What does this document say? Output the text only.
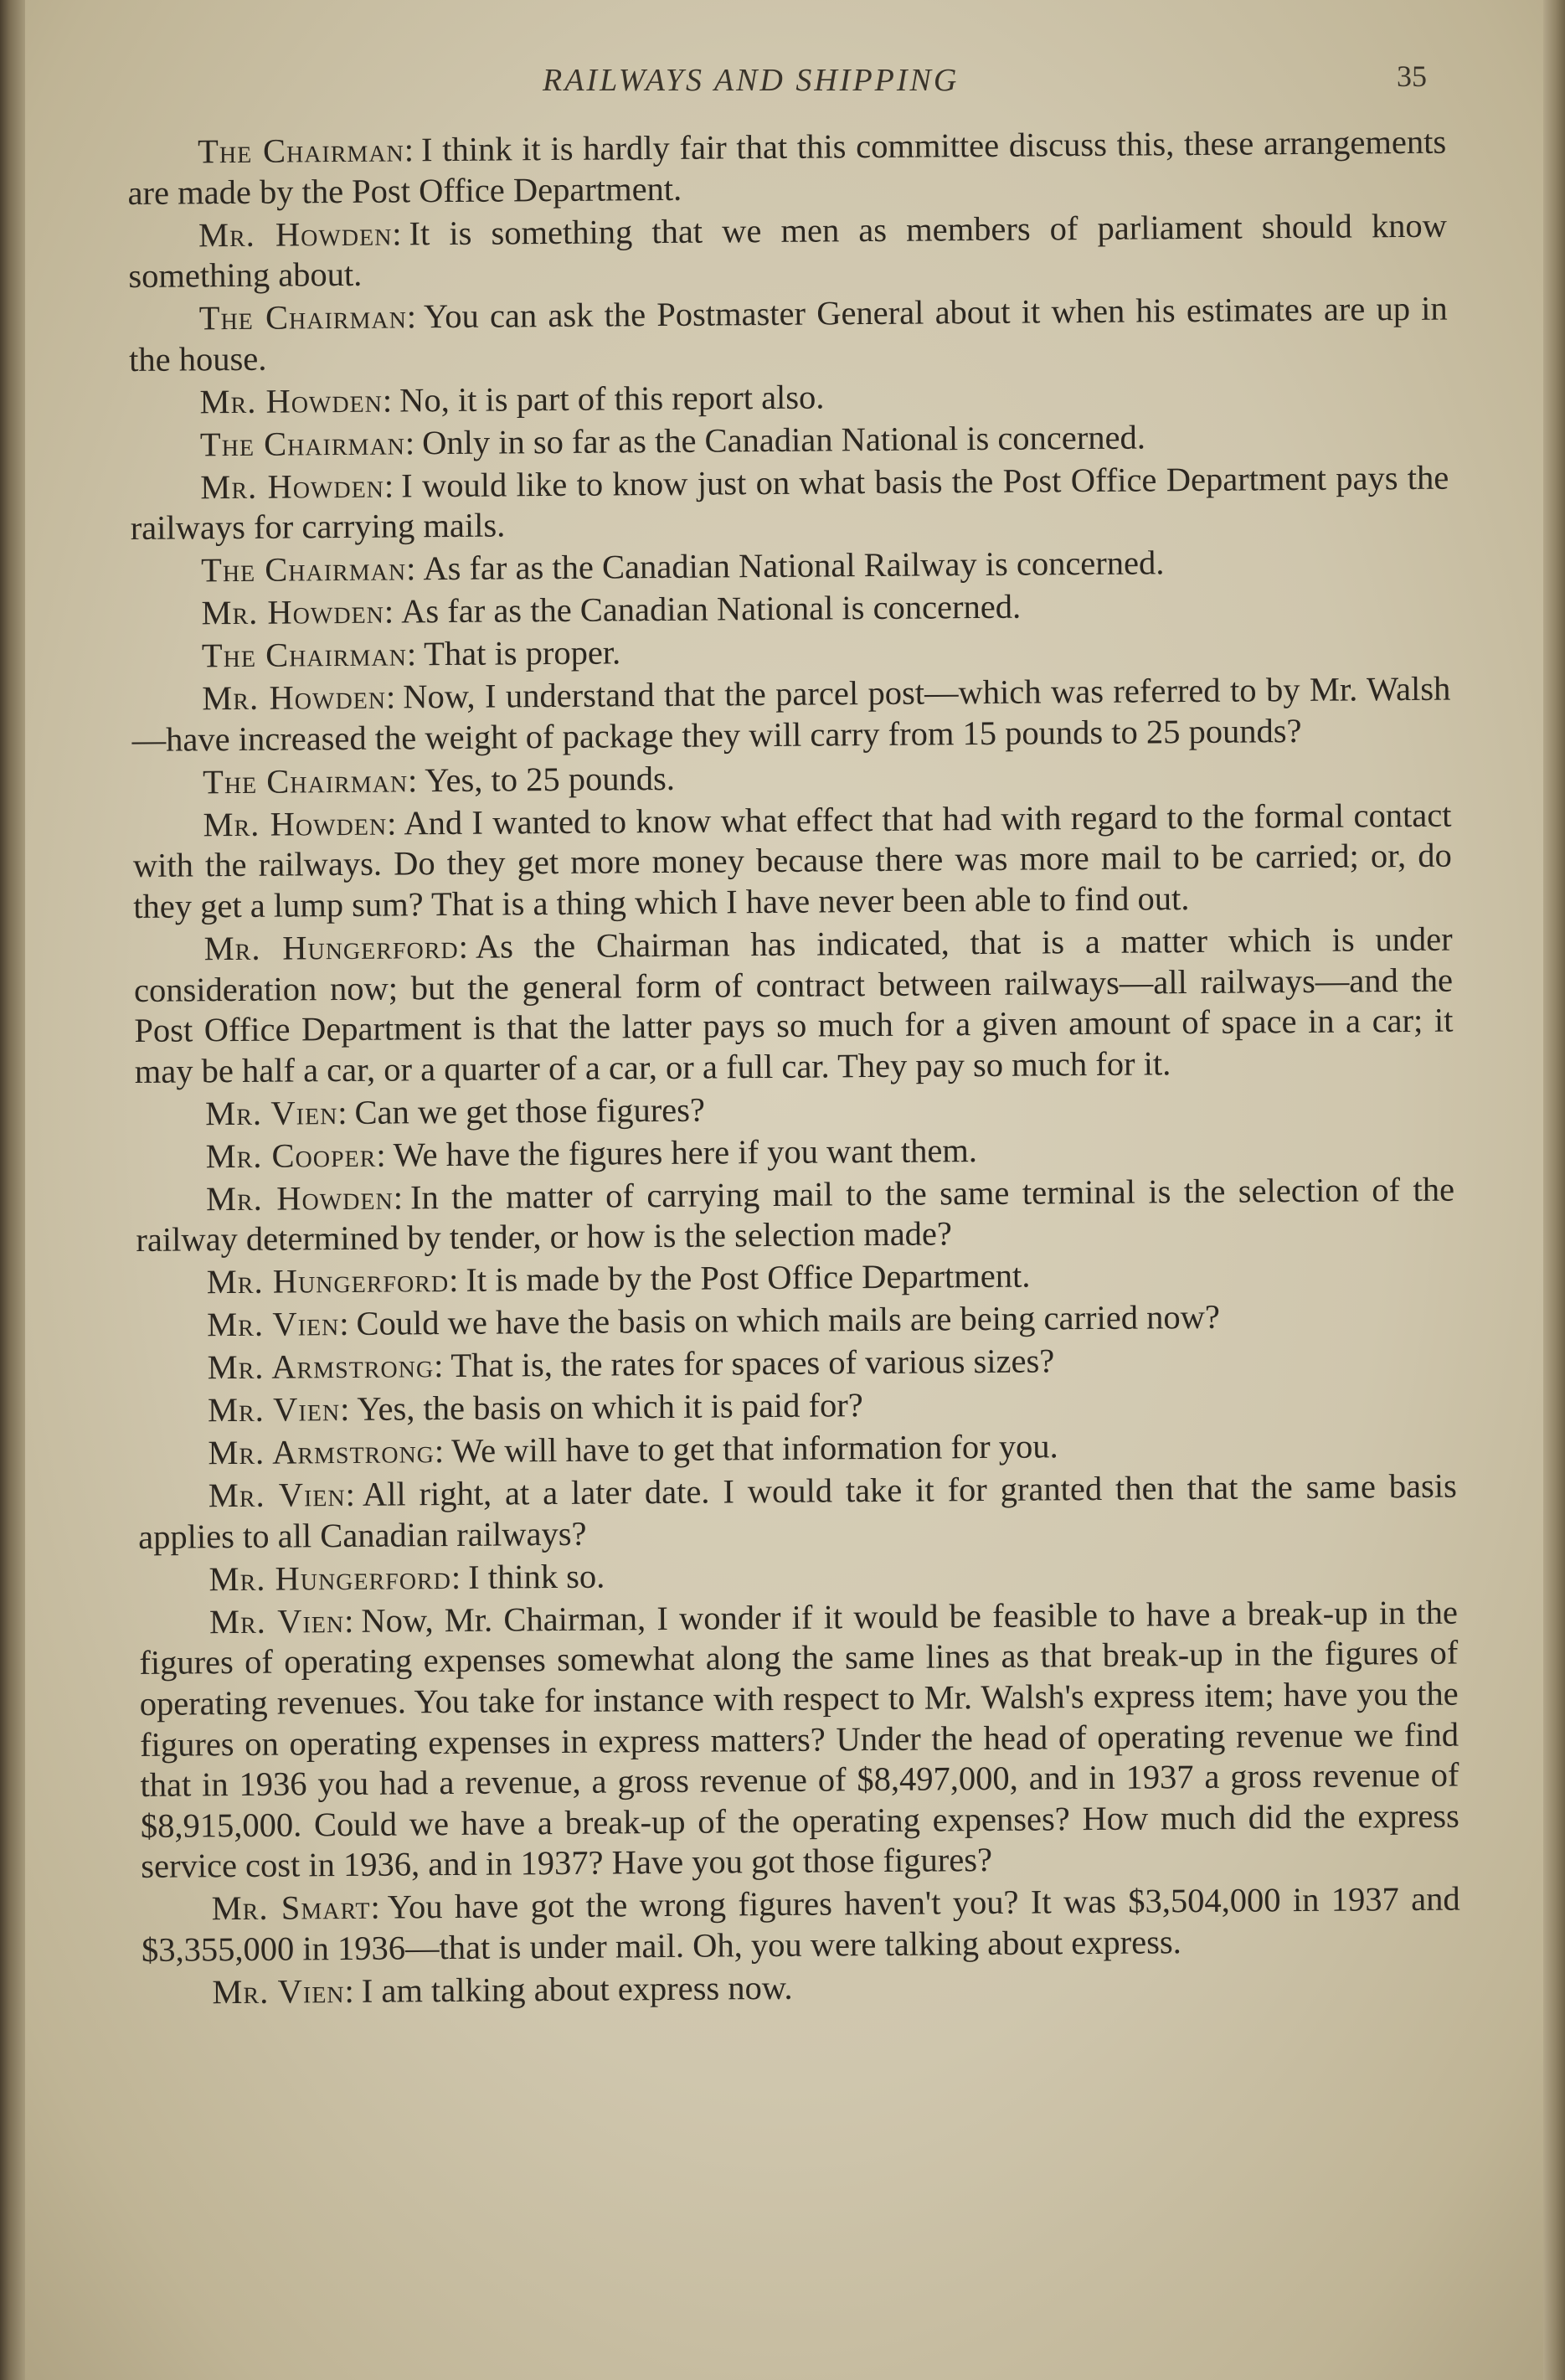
RAILWAYS AND SHIPPING	35

The Chairman: I think it is hardly fair that this committee discuss this, these arrangements are made by the Post Office Department.

Mr. Howden: It is something that we men as members of parliament should know something about.

The Chairman: You can ask the Postmaster General about it when his estimates are up in the house.

Mr. Howden: No, it is part of this report also.

The Chairman: Only in so far as the Canadian National is concerned.

Mr. Howden: I would like to know just on what basis the Post Office Department pays the railways for carrying mails.

The Chairman: As far as the Canadian National Railway is concerned.

Mr. Howden: As far as the Canadian National is concerned.

The Chairman: That is proper.

Mr. Howden: Now, I understand that the parcel post—which was referred to by Mr. Walsh—have increased the weight of package they will carry from 15 pounds to 25 pounds?

The Chairman: Yes, to 25 pounds.

Mr. Howden: And I wanted to know what effect that had with regard to the formal contact with the railways. Do they get more money because there was more mail to be carried; or, do they get a lump sum? That is a thing which I have never been able to find out.

Mr. Hungerford: As the Chairman has indicated, that is a matter which is under consideration now; but the general form of contract between railways—all railways—and the Post Office Department is that the latter pays so much for a given amount of space in a car; it may be half a car, or a quarter of a car, or a full car. They pay so much for it.

Mr. Vien: Can we get those figures?

Mr. Cooper: We have the figures here if you want them.

Mr. Howden: In the matter of carrying mail to the same terminal is the selection of the railway determined by tender, or how is the selection made?

Mr. Hungerford: It is made by the Post Office Department.

Mr. Vien: Could we have the basis on which mails are being carried now?

Mr. Armstrong: That is, the rates for spaces of various sizes?

Mr. Vien: Yes, the basis on which it is paid for?

Mr. Armstrong: We will have to get that information for you.

Mr. Vien: All right, at a later date. I would take it for granted then that the same basis applies to all Canadian railways?

Mr. Hungerford: I think so.

Mr. Vien: Now, Mr. Chairman, I wonder if it would be feasible to have a break-up in the figures of operating expenses somewhat along the same lines as that break-up in the figures of operating revenues. You take for instance with respect to Mr. Walsh's express item; have you the figures on operating expenses in express matters? Under the head of operating revenue we find that in 1936 you had a revenue, a gross revenue of $8,497,000, and in 1937 a gross revenue of $8,915,000. Could we have a break-up of the operating expenses? How much did the express service cost in 1936, and in 1937? Have you got those figures?

Mr. Smart: You have got the wrong figures haven't you? It was $3,504,000 in 1937 and $3,355,000 in 1936—that is under mail. Oh, you were talking about express.

Mr. Vien: I am talking about express now.
